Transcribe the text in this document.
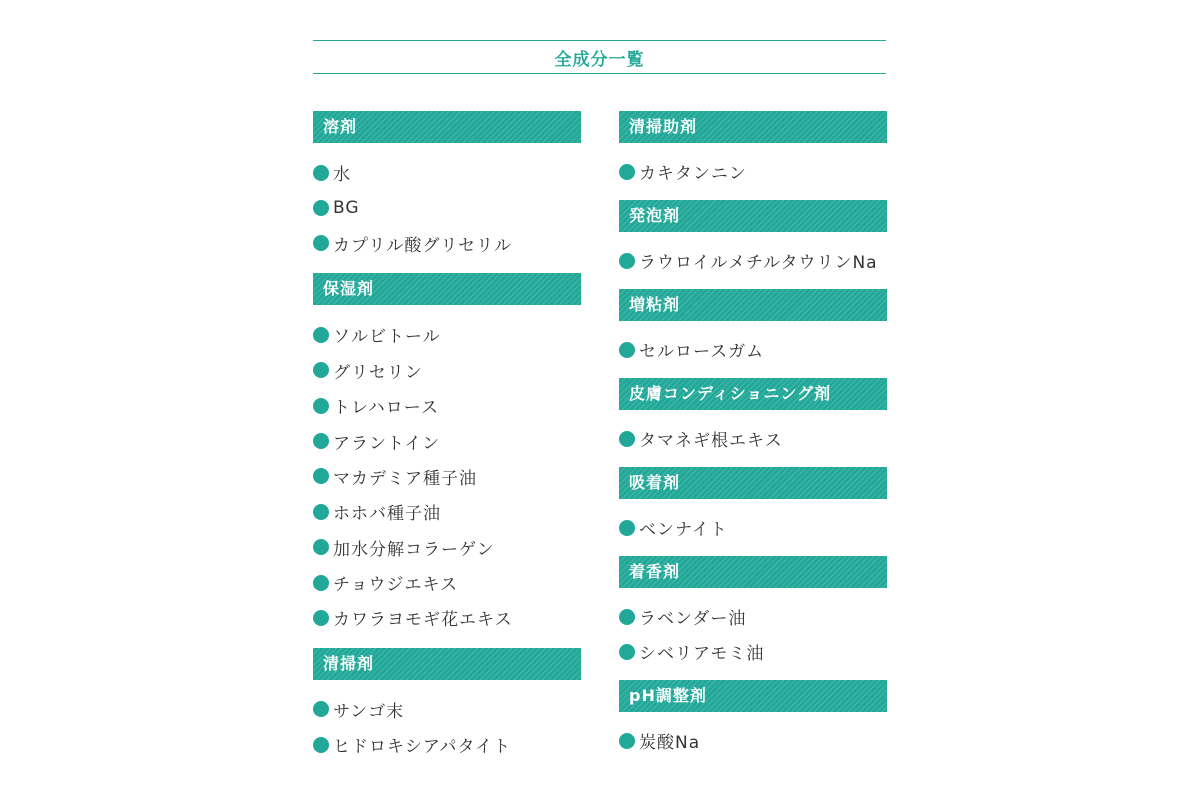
全成分一覧
溶剤
水
BG
カプリル酸グリセリル
保湿剤
ソルビトール
グリセリン
トレハロース
アラントイン
マカデミア種子油
ホホバ種子油
加水分解コラーゲン
チョウジエキス
カワラヨモギ花エキス
清掃剤
サンゴ末
ヒドロキシアパタイト
清掃助剤
カキタンニン
発泡剤
ラウロイルメチルタウリンNa
増粘剤
セルロースガム
皮膚コンディショニング剤
タマネギ根エキス
吸着剤
ベンナイト
着香剤
ラベンダー油
シベリアモミ油
pH調整剤
炭酸Na
